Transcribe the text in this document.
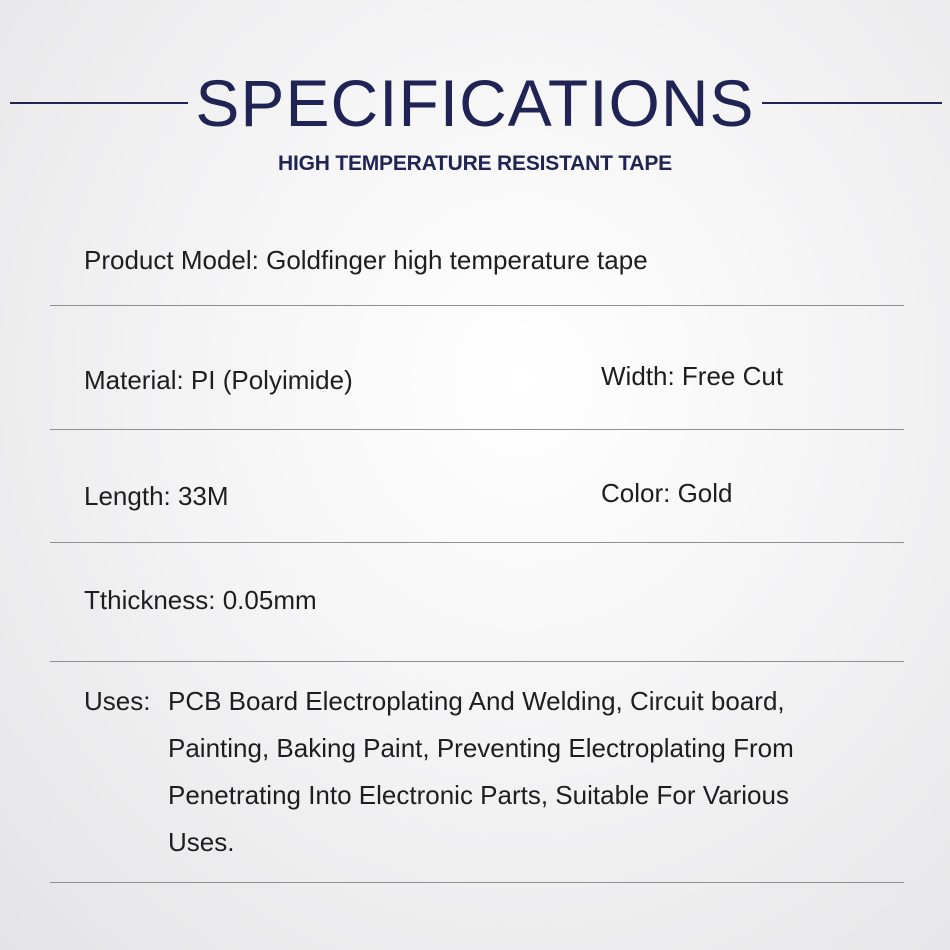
SPECIFICATIONS
HIGH TEMPERATURE RESISTANT TAPE
Product Model: Goldfinger high temperature tape
Material: PI (Polyimide)	Width: Free Cut
Length: 33M	Color: Gold
Tthickness: 0.05mm
Uses: PCB Board Electroplating And Welding, Circuit board,
Painting, Baking Paint, Preventing Electroplating From
Penetrating Into Electronic Parts, Suitable For Various
Uses.
